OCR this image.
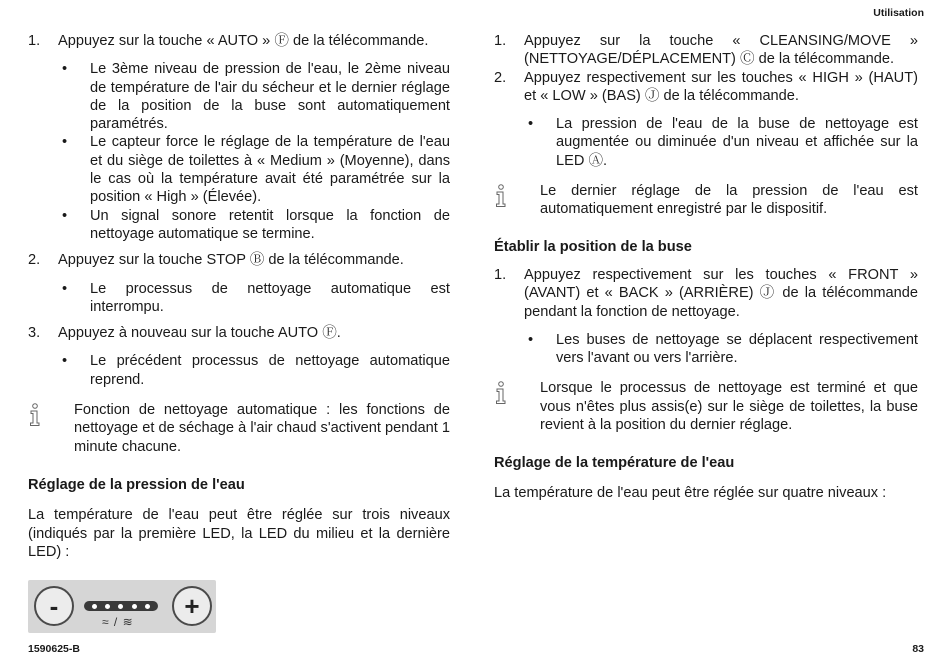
Utilisation
1.	Appuyez sur la touche « AUTO » Ⓕ de la télécommande.
•	Le 3ème niveau de pression de l'eau, le 2ème niveau de température de l'air du sécheur et le dernier réglage de la position de la buse sont automatiquement paramétrés.
•	Le capteur force le réglage de la température de l'eau et du siège de toilettes à « Medium » (Moyenne), dans le cas où la température avait été paramétrée sur la position « High » (Élevée).
•	Un signal sonore retentit lorsque la fonction de nettoyage automatique se termine.
2.	Appuyez sur la touche STOP Ⓑ de la télécommande.
•	Le processus de nettoyage automatique est interrompu.
3.	Appuyez à nouveau sur la touche AUTO Ⓕ.
•	Le précédent processus de nettoyage automatique reprend.
Fonction de nettoyage automatique : les fonctions de nettoyage et de séchage à l'air chaud s'activent pendant 1 minute chacune.
Réglage de la pression de l'eau

La température de l'eau peut être réglée sur trois niveaux (indiqués par la première LED, la LED du milieu et la dernière LED) :

-
≈ / ≋
+
1.	Appuyez sur la touche « CLEANSING/MOVE » (NETTOYAGE/DÉPLACEMENT) Ⓒ de la télécommande.
2.	Appuyez respectivement sur les touches « HIGH » (HAUT) et « LOW » (BAS) Ⓙ de la télécommande.
•	La pression de l'eau de la buse de nettoyage est augmentée ou diminuée d'un niveau et affichée sur la LED Ⓐ.
Le dernier réglage de la pression de l'eau est automatiquement enregistré par le dispositif.
Établir la position de la buse
1.	Appuyez respectivement sur les touches « FRONT » (AVANT) et « BACK » (ARRIÈRE) Ⓙ de la télécommande pendant la fonction de nettoyage.
•	Les buses de nettoyage se déplacent respectivement vers l'avant ou vers l'arrière.
Lorsque le processus de nettoyage est terminé et que vous n'êtes plus assis(e) sur le siège de toilettes, la buse revient à la position du dernier réglage.
Réglage de la température de l'eau

La température de l'eau peut être réglée sur quatre niveaux :

1590625-B	83
